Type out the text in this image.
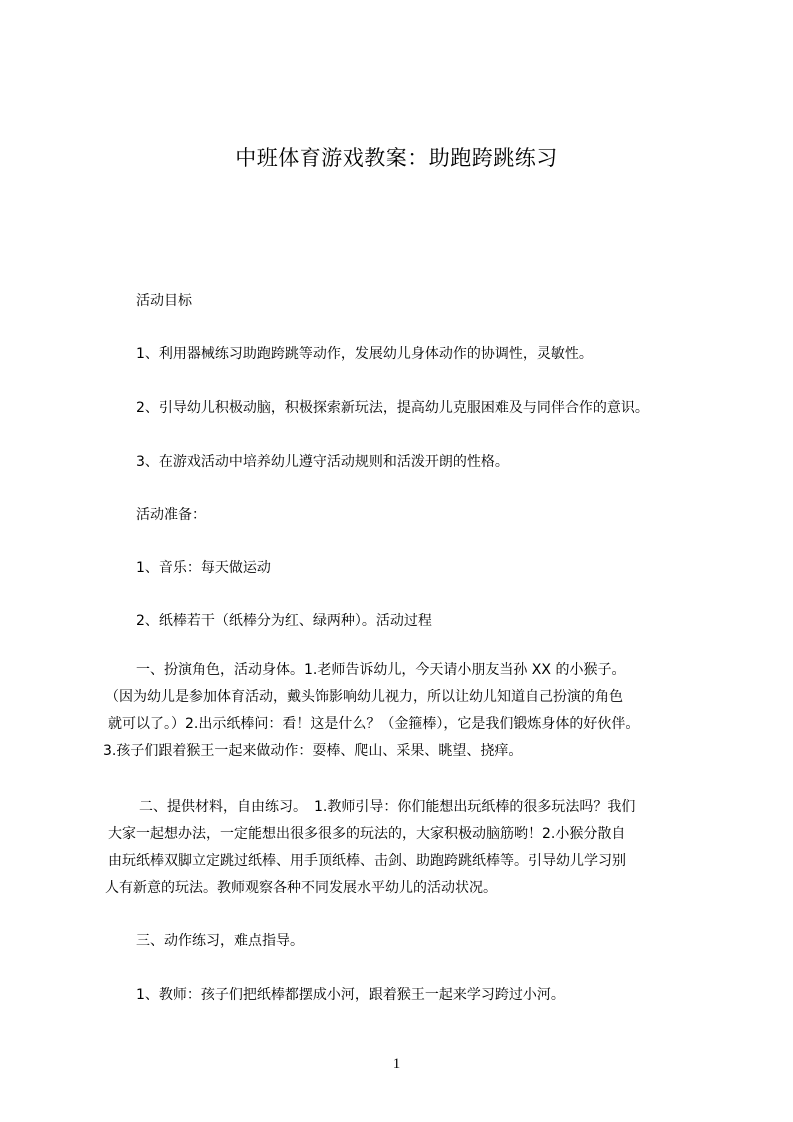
中班体育游戏教案：助跑跨跳练习
活动目标
1、利用器械练习助跑跨跳等动作，发展幼儿身体动作的协调性，灵敏性。
2、引导幼儿积极动脑，积极探索新玩法，提高幼儿克服困难及与同伴合作的意识。
3、在游戏活动中培养幼儿遵守活动规则和活泼开朗的性格。
活动准备：
1、音乐：每天做运动
2、纸棒若干（纸棒分为红、绿两种）。活动过程
一、扮演角色，活动身体。1.老师告诉幼儿，今天请小朋友当孙 XX 的小猴子。
（因为幼儿是参加体育活动，戴头饰影响幼儿视力，所以让幼儿知道自己扮演的角色
就可以了。）2.出示纸棒问：看！这是什么？（金箍棒），它是我们锻炼身体的好伙伴。
3.孩子们跟着猴王一起来做动作：耍棒、爬山、采果、眺望、挠痒。
二、提供材料，自由练习。　1.教师引导：你们能想出玩纸棒的很多玩法吗？我们
大家一起想办法，一定能想出很多很多的玩法的，大家积极动脑筋哟！2.小猴分散自
由玩纸棒双脚立定跳过纸棒、用手顶纸棒、击剑、助跑跨跳纸棒等。引导幼儿学习别
人有新意的玩法。教师观察各种不同发展水平幼儿的活动状况。
三、动作练习，难点指导。
1、教师：孩子们把纸棒都摆成小河，跟着猴王一起来学习跨过小河。
1
